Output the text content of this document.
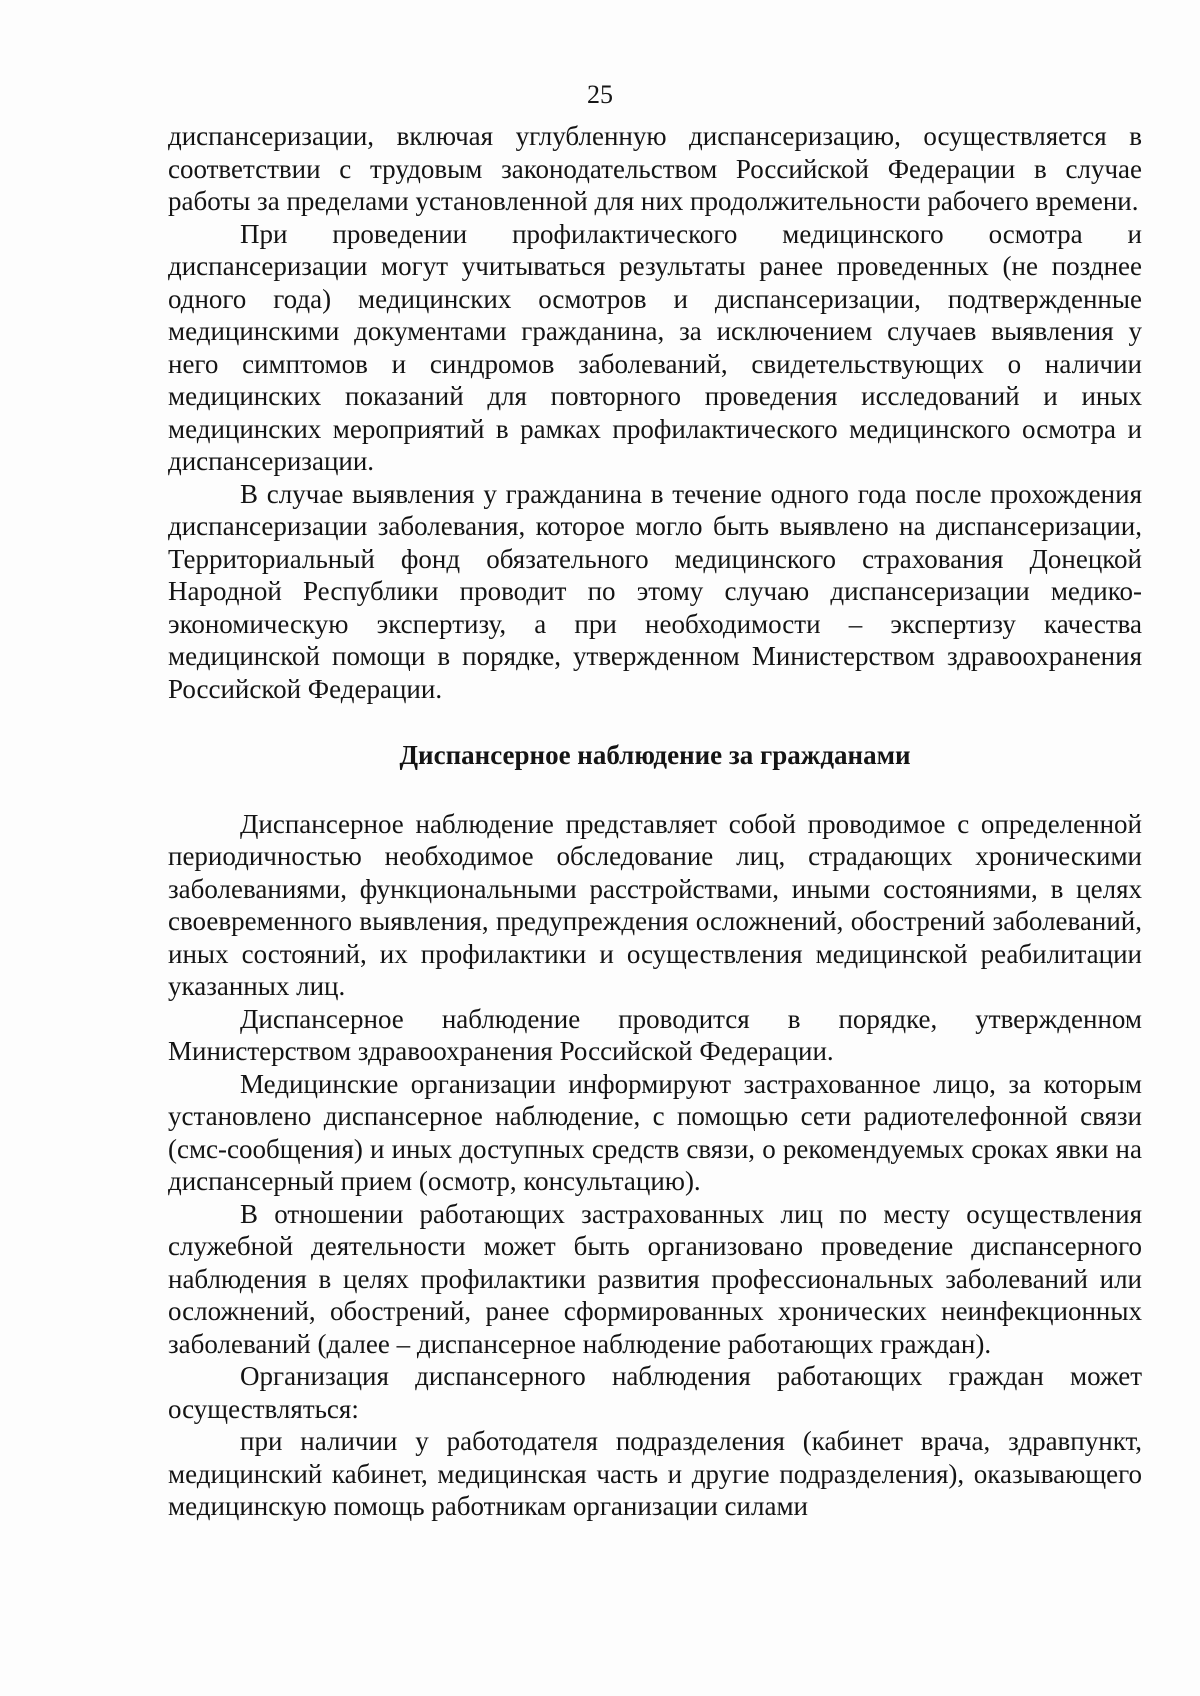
25

диспансеризации, включая углубленную диспансеризацию, осуществляется в соответствии с трудовым законодательством Российской Федерации в случае работы за пределами установленной для них продолжительности рабочего времени.

При проведении профилактического медицинского осмотра и диспансеризации могут учитываться результаты ранее проведенных (не позднее одного года) медицинских осмотров и диспансеризации, подтвержденные медицинскими документами гражданина, за исключением случаев выявления у него симптомов и синдромов заболеваний, свидетельствующих о наличии медицинских показаний для повторного проведения исследований и иных медицинских мероприятий в рамках профилактического медицинского осмотра и диспансеризации.

В случае выявления у гражданина в течение одного года после прохождения диспансеризации заболевания, которое могло быть выявлено на диспансеризации, Территориальный фонд обязательного медицинского страхования Донецкой Народной Республики проводит по этому случаю диспансеризации медико-экономическую экспертизу, а при необходимости – экспертизу качества медицинской помощи в порядке, утвержденном Министерством здравоохранения Российской Федерации.

Диспансерное наблюдение за гражданами

Диспансерное наблюдение представляет собой проводимое с определенной периодичностью необходимое обследование лиц, страдающих хроническими заболеваниями, функциональными расстройствами, иными состояниями, в целях своевременного выявления, предупреждения осложнений, обострений заболеваний, иных состояний, их профилактики и осуществления медицинской реабилитации указанных лиц.

Диспансерное наблюдение проводится в порядке, утвержденном Министерством здравоохранения Российской Федерации.

Медицинские организации информируют застрахованное лицо, за которым установлено диспансерное наблюдение, с помощью сети радиотелефонной связи (смс-сообщения) и иных доступных средств связи, о рекомендуемых сроках явки на диспансерный прием (осмотр, консультацию).

В отношении работающих застрахованных лиц по месту осуществления служебной деятельности может быть организовано проведение диспансерного наблюдения в целях профилактики развития профессиональных заболеваний или осложнений, обострений, ранее сформированных хронических неинфекционных заболеваний (далее – диспансерное наблюдение работающих граждан).

Организация диспансерного наблюдения работающих граждан может осуществляться:

при наличии у работодателя подразделения (кабинет врача, здравпункт, медицинский кабинет, медицинская часть и другие подразделения), оказывающего медицинскую помощь работникам организации силами
